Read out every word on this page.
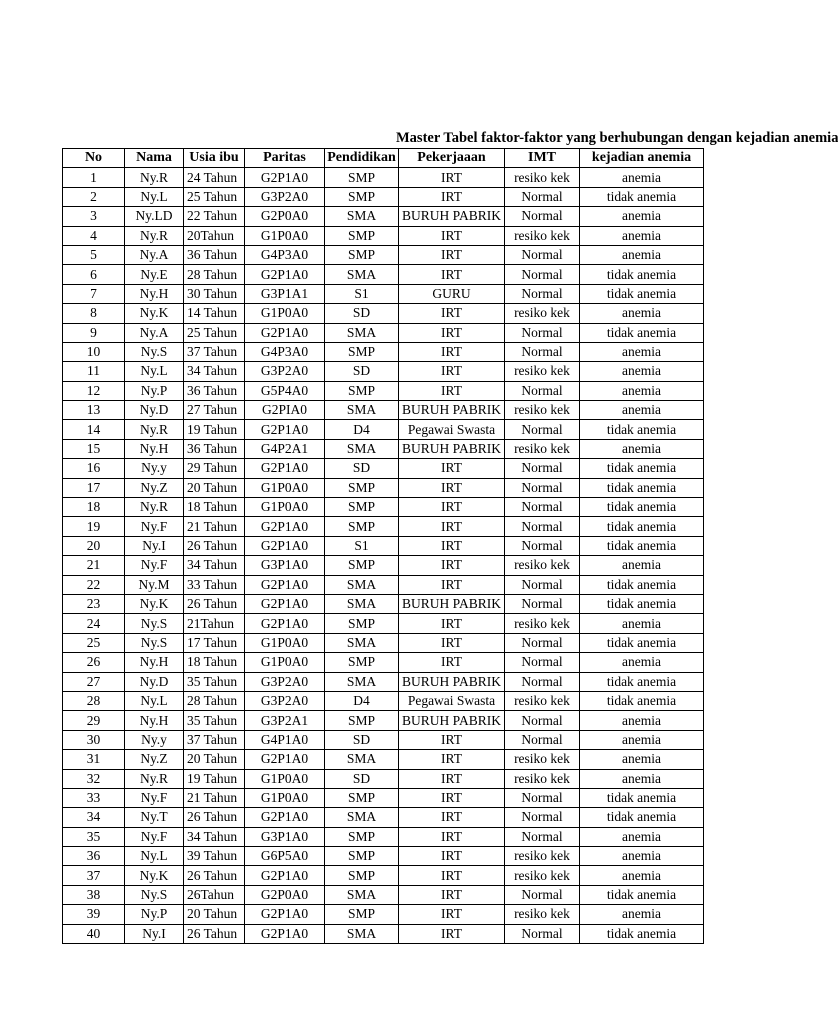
Master Tabel faktor-faktor yang berhubungan dengan kejadian anemia
No	Nama	Usia ibu	Paritas	Pendidikan	Pekerjaaan	IMT	kejadian anemia
1	Ny.R	24 Tahun	G2P1A0	SMP	IRT	resiko kek	anemia
2	Ny.L	25 Tahun	G3P2A0	SMP	IRT	Normal	tidak anemia
3	Ny.LD	22 Tahun	G2P0A0	SMA	BURUH PABRIK	Normal	anemia
4	Ny.R	20Tahun	G1P0A0	SMP	IRT	resiko kek	anemia
5	Ny.A	36 Tahun	G4P3A0	SMP	IRT	Normal	anemia
6	Ny.E	28 Tahun	G2P1A0	SMA	IRT	Normal	tidak anemia
7	Ny.H	30 Tahun	G3P1A1	S1	GURU	Normal	tidak anemia
8	Ny.K	14 Tahun	G1P0A0	SD	IRT	resiko kek	anemia
9	Ny.A	25 Tahun	G2P1A0	SMA	IRT	Normal	tidak anemia
10	Ny.S	37 Tahun	G4P3A0	SMP	IRT	Normal	anemia
11	Ny.L	34 Tahun	G3P2A0	SD	IRT	resiko kek	anemia
12	Ny.P	36 Tahun	G5P4A0	SMP	IRT	Normal	anemia
13	Ny.D	27 Tahun	G2PIA0	SMA	BURUH PABRIK	resiko kek	anemia
14	Ny.R	19 Tahun	G2P1A0	D4	Pegawai Swasta	Normal	tidak anemia
15	Ny.H	36 Tahun	G4P2A1	SMA	BURUH PABRIK	resiko kek	anemia
16	Ny.y	29 Tahun	G2P1A0	SD	IRT	Normal	tidak anemia
17	Ny.Z	20 Tahun	G1P0A0	SMP	IRT	Normal	tidak anemia
18	Ny.R	18 Tahun	G1P0A0	SMP	IRT	Normal	tidak anemia
19	Ny.F	21 Tahun	G2P1A0	SMP	IRT	Normal	tidak anemia
20	Ny.I	26 Tahun	G2P1A0	S1	IRT	Normal	tidak anemia
21	Ny.F	34 Tahun	G3P1A0	SMP	IRT	resiko kek	anemia
22	Ny.M	33 Tahun	G2P1A0	SMA	IRT	Normal	tidak anemia
23	Ny.K	26 Tahun	G2P1A0	SMA	BURUH PABRIK	Normal	tidak anemia
24	Ny.S	21Tahun	G2P1A0	SMP	IRT	resiko kek	anemia
25	Ny.S	17 Tahun	G1P0A0	SMA	IRT	Normal	tidak anemia
26	Ny.H	18 Tahun	G1P0A0	SMP	IRT	Normal	anemia
27	Ny.D	35 Tahun	G3P2A0	SMA	BURUH PABRIK	Normal	tidak anemia
28	Ny.L	28 Tahun	G3P2A0	D4	Pegawai Swasta	resiko kek	tidak anemia
29	Ny.H	35 Tahun	G3P2A1	SMP	BURUH PABRIK	Normal	anemia
30	Ny.y	37 Tahun	G4P1A0	SD	IRT	Normal	anemia
31	Ny.Z	20 Tahun	G2P1A0	SMA	IRT	resiko kek	anemia
32	Ny.R	19 Tahun	G1P0A0	SD	IRT	resiko kek	anemia
33	Ny.F	21 Tahun	G1P0A0	SMP	IRT	Normal	tidak anemia
34	Ny.T	26 Tahun	G2P1A0	SMA	IRT	Normal	tidak anemia
35	Ny.F	34 Tahun	G3P1A0	SMP	IRT	Normal	anemia
36	Ny.L	39 Tahun	G6P5A0	SMP	IRT	resiko kek	anemia
37	Ny.K	26 Tahun	G2P1A0	SMP	IRT	resiko kek	anemia
38	Ny.S	26Tahun	G2P0A0	SMA	IRT	Normal	tidak anemia
39	Ny.P	20 Tahun	G2P1A0	SMP	IRT	resiko kek	anemia
40	Ny.I	26 Tahun	G2P1A0	SMA	IRT	Normal	tidak anemia
